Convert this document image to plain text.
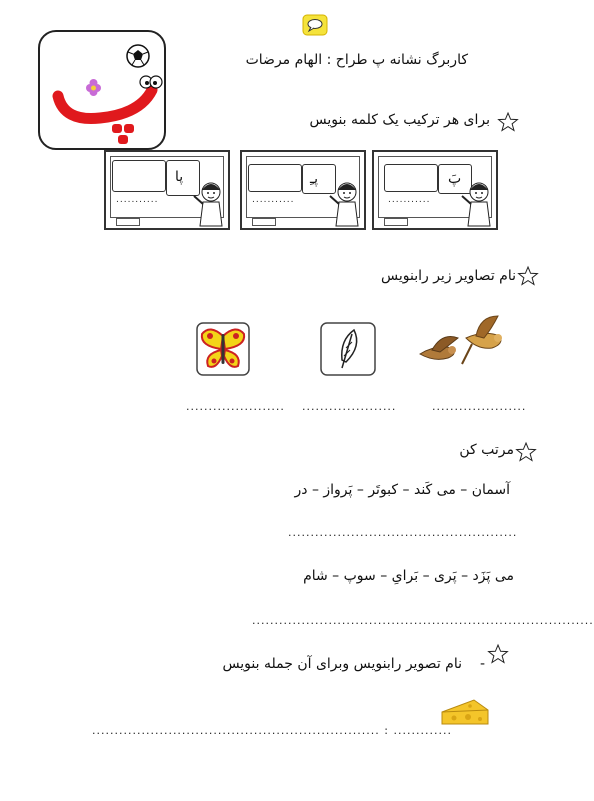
کاربرگ نشانه پ طراح : الهام مرضات
برای هر ترکیب یک کلمه بنویس
...........
پَ
...........
پـِ
...........
پا
نام تصاویر زیر رابنویس
...................... .....................	.....................
مرتب کن
آسمان – می کَند – کبوتَر – پَرواز – در
...................................................
می پَزَد – پَری – بَرایِ – سوپ – شام
............................................................................
-
نام تصویر رابنویس وبرای آن جمله بنویس
................................................................ : .............
